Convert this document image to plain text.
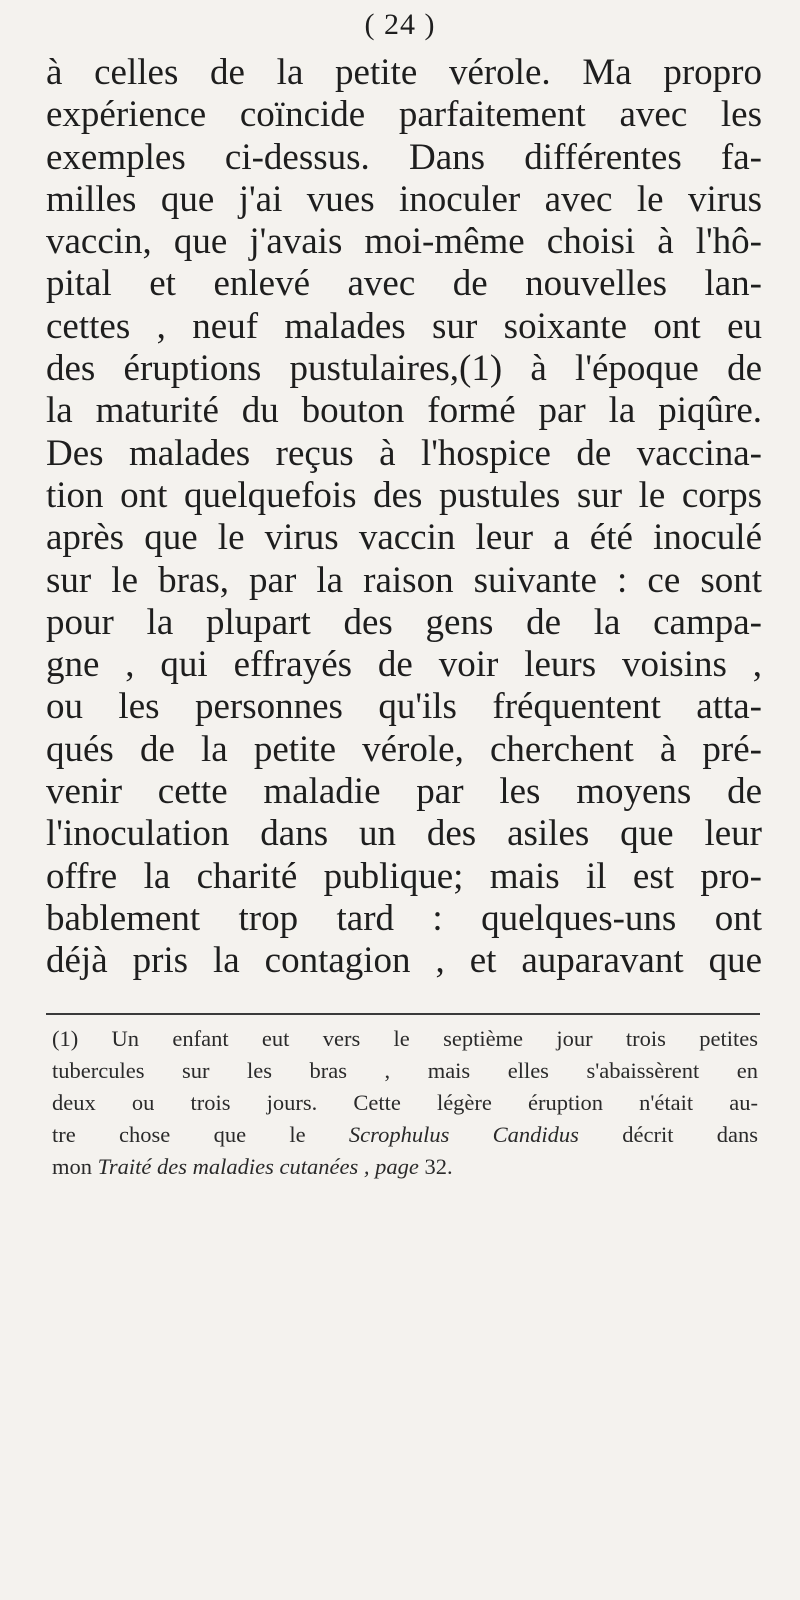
( 24 )
à celles de la petite vérole. Ma propro
expérience coïncide parfaitement avec les
exemples ci-dessus. Dans différentes fa-
milles que j'ai vues inoculer avec le virus
vaccin, que j'avais moi-même choisi à l'hô-
pital et enlevé avec de nouvelles lan-
cettes , neuf malades sur soixante ont eu
des éruptions pustulaires,(1) à l'époque de
la maturité du bouton formé par la piqûre.
Des malades reçus à l'hospice de vaccina-
tion ont quelquefois des pustules sur le corps
après que le virus vaccin leur a été inoculé
sur le bras, par la raison suivante : ce sont
pour la plupart des gens de la campa-
gne , qui effrayés de voir leurs voisins ,
ou les personnes qu'ils fréquentent atta-
qués de la petite vérole, cherchent à pré-
venir cette maladie par les moyens de
l'inoculation dans un des asiles que leur
offre la charité publique; mais il est pro-
bablement trop tard : quelques-uns ont
déjà pris la contagion , et auparavant que
(1) Un enfant eut vers le septième jour trois petites
tubercules sur les bras , mais elles s'abaissèrent en
deux ou trois jours. Cette légère éruption n'était au-
tre chose que le Scrophulus Candidus décrit dans
mon Traité des maladies cutanées , page 32.
